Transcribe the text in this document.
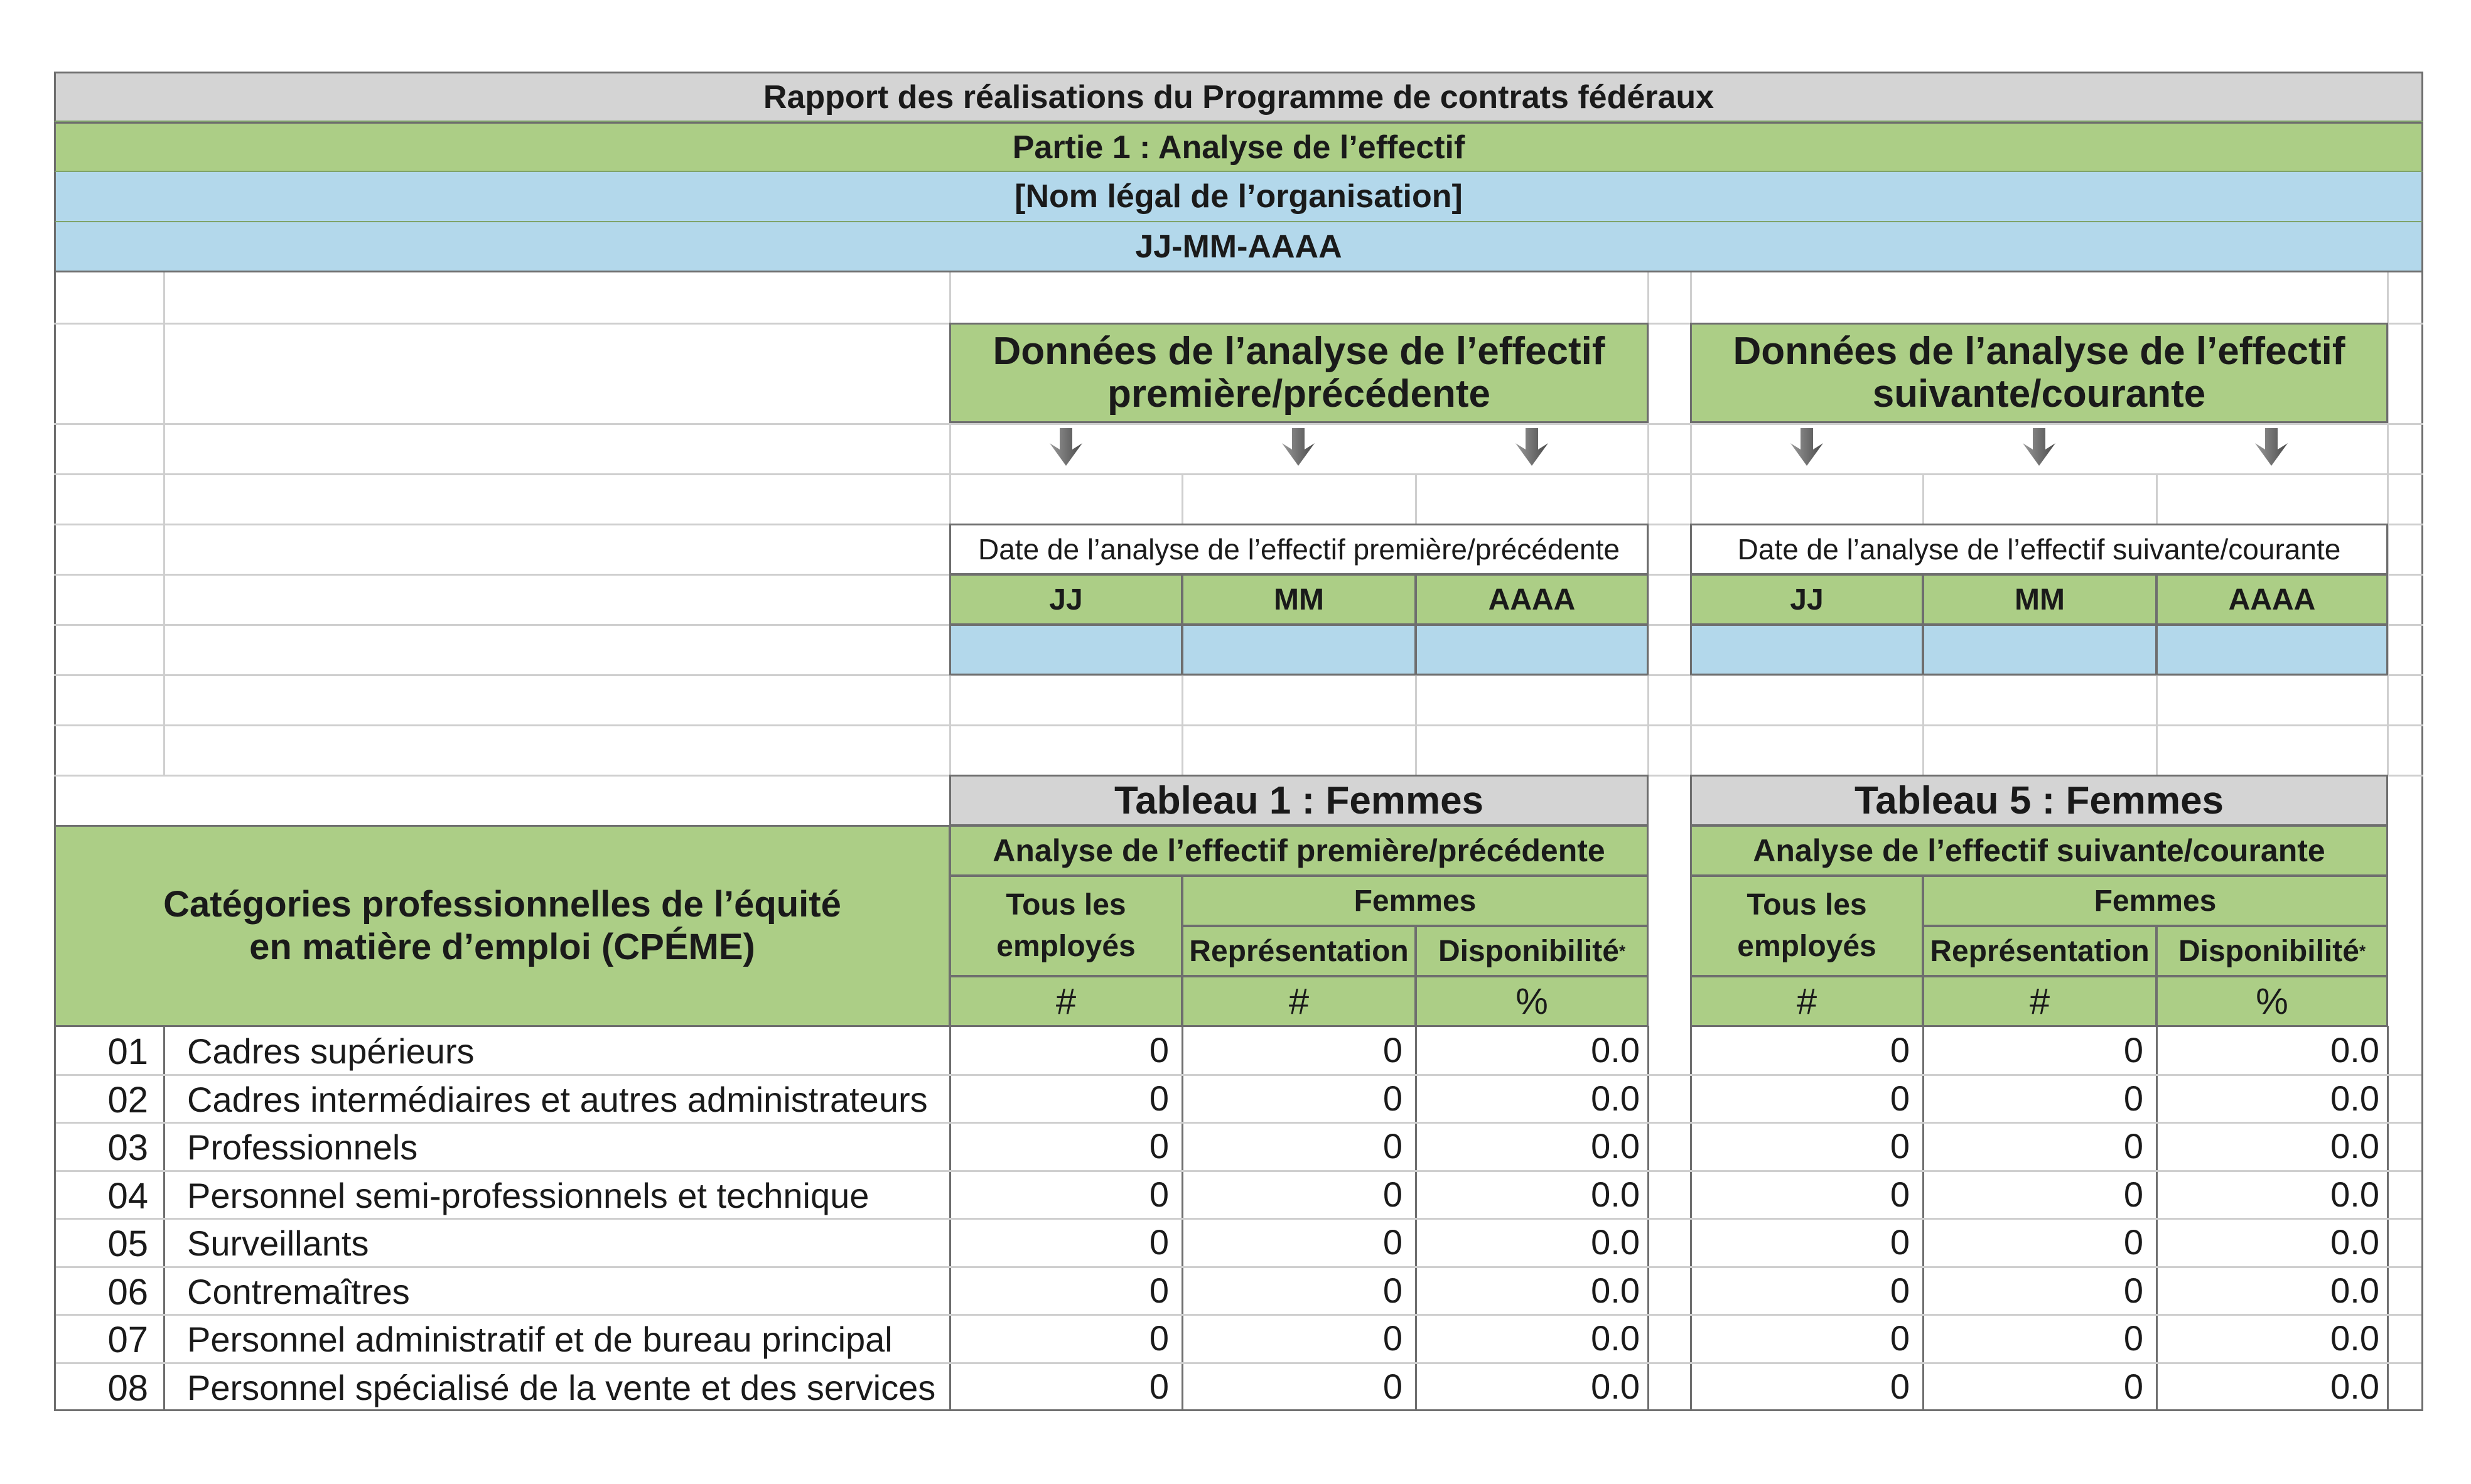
Rapport des réalisations du Programme de contrats fédéraux
Partie 1 : Analyse de l’effectif
[Nom légal de l’organisation]
JJ-MM-AAAA
Données de l’analyse de l’effectif
première/précédente
Données de l’analyse de l’effectif
suivante/courante
Date de l’analyse de l’effectif première/précédente
JJ	MM	AAAA
Date de l’analyse de l’effectif suivante/courante
JJ	MM	AAAA
Tableau 1 : Femmes	Tableau 5 : Femmes
Catégories professionnelles de l’équité
en matière d’emploi (CPÉME)
Analyse de l’effectif première/précédente
Tous les
employés
Femmes
Représentation Disponibilité *
#	#	%
Analyse de l’effectif suivante/courante
Tous les
employés
Femmes
Représentation Disponibilité *
#	#	%
01 Cadres supérieurs	0	0	0.0	0	0	0.0
02 Cadres intermédiaires et autres administrateurs	0	0	0.0	0	0	0.0
03 Professionnels	0	0	0.0	0	0	0.0
04 Personnel semi-professionnels et technique	0	0	0.0	0	0	0.0
05 Surveillants	0	0	0.0	0	0	0.0
06 Contremaîtres	0	0	0.0	0	0	0.0
07 Personnel administratif et de bureau principal	0	0	0.0	0	0	0.0
08 Personnel spécialisé de la vente et des services	0	0	0.0	0	0	0.0
